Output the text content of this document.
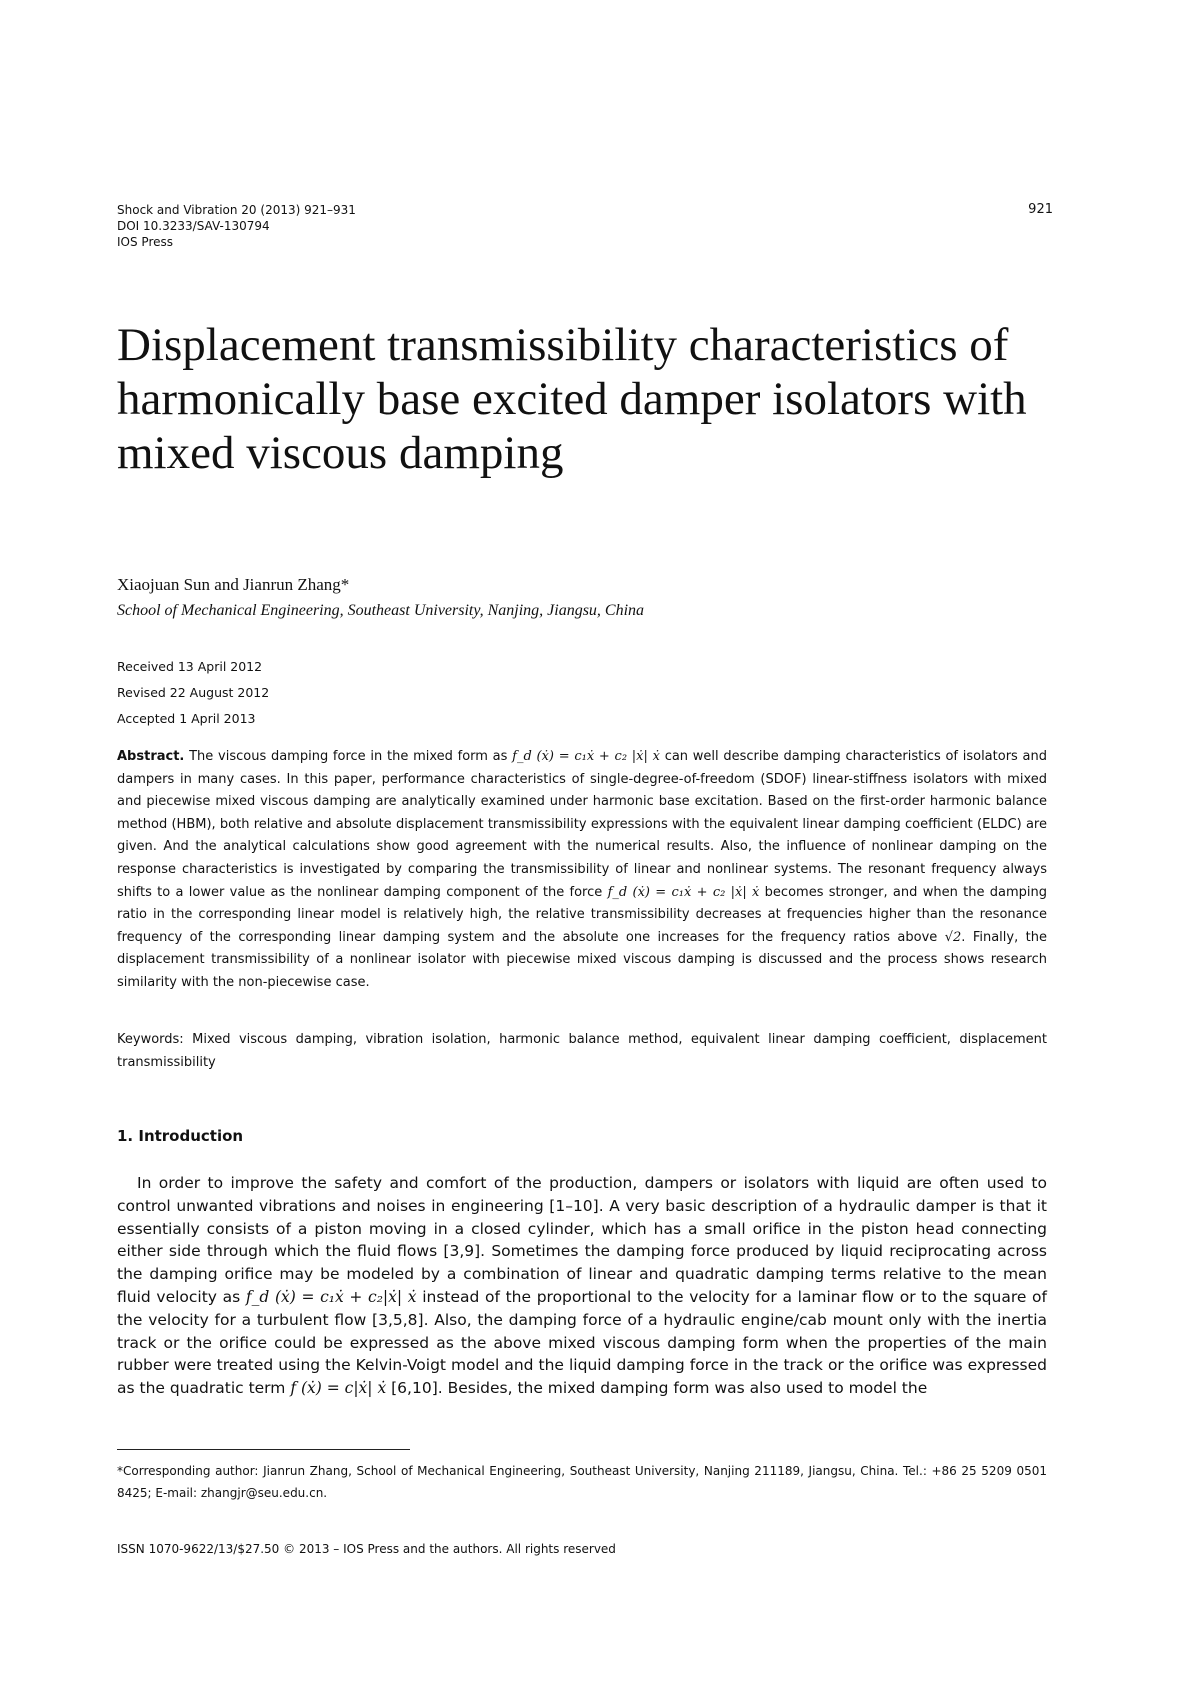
Shock and Vibration 20 (2013) 921–931
DOI 10.3233/SAV-130794
IOS Press
921
Displacement transmissibility characteristics of harmonically base excited damper isolators with mixed viscous damping
Xiaojuan Sun and Jianrun Zhang*
School of Mechanical Engineering, Southeast University, Nanjing, Jiangsu, China
Received 13 April 2012
Revised 22 August 2012
Accepted 1 April 2013
Abstract. The viscous damping force in the mixed form as f_d (ẋ) = c₁ẋ + c₂ |ẋ| ẋ can well describe damping characteristics of isolators and dampers in many cases. In this paper, performance characteristics of single-degree-of-freedom (SDOF) linear-stiffness isolators with mixed and piecewise mixed viscous damping are analytically examined under harmonic base excitation. Based on the first-order harmonic balance method (HBM), both relative and absolute displacement transmissibility expressions with the equivalent linear damping coefficient (ELDC) are given. And the analytical calculations show good agreement with the numerical results. Also, the influence of nonlinear damping on the response characteristics is investigated by comparing the transmissibility of linear and nonlinear systems. The resonant frequency always shifts to a lower value as the nonlinear damping component of the force f_d (ẋ) = c₁ẋ + c₂ |ẋ| ẋ becomes stronger, and when the damping ratio in the corresponding linear model is relatively high, the relative transmissibility decreases at frequencies higher than the resonance frequency of the corresponding linear damping system and the absolute one increases for the frequency ratios above √2. Finally, the displacement transmissibility of a nonlinear isolator with piecewise mixed viscous damping is discussed and the process shows research similarity with the non-piecewise case.
Keywords: Mixed viscous damping, vibration isolation, harmonic balance method, equivalent linear damping coefficient, displacement transmissibility
1. Introduction

In order to improve the safety and comfort of the production, dampers or isolators with liquid are often used to control unwanted vibrations and noises in engineering [1–10]. A very basic description of a hydraulic damper is that it essentially consists of a piston moving in a closed cylinder, which has a small orifice in the piston head connecting either side through which the fluid flows [3,9]. Sometimes the damping force produced by liquid reciprocating across the damping orifice may be modeled by a combination of linear and quadratic damping terms relative to the mean fluid velocity as f_d (ẋ) = c₁ẋ + c₂|ẋ| ẋ instead of the proportional to the velocity for a laminar flow or to the square of the velocity for a turbulent flow [3,5,8]. Also, the damping force of a hydraulic engine/cab mount only with the inertia track or the orifice could be expressed as the above mixed viscous damping form when the properties of the main rubber were treated using the Kelvin-Voigt model and the liquid damping force in the track or the orifice was expressed as the quadratic term f (ẋ) = c|ẋ| ẋ [6,10]. Besides, the mixed damping form was also used to model the

*Corresponding author: Jianrun Zhang, School of Mechanical Engineering, Southeast University, Nanjing 211189, Jiangsu, China. Tel.: +86 25 5209 0501 8425; E-mail: zhangjr@seu.edu.cn.
ISSN 1070-9622/13/$27.50 © 2013 – IOS Press and the authors. All rights reserved
